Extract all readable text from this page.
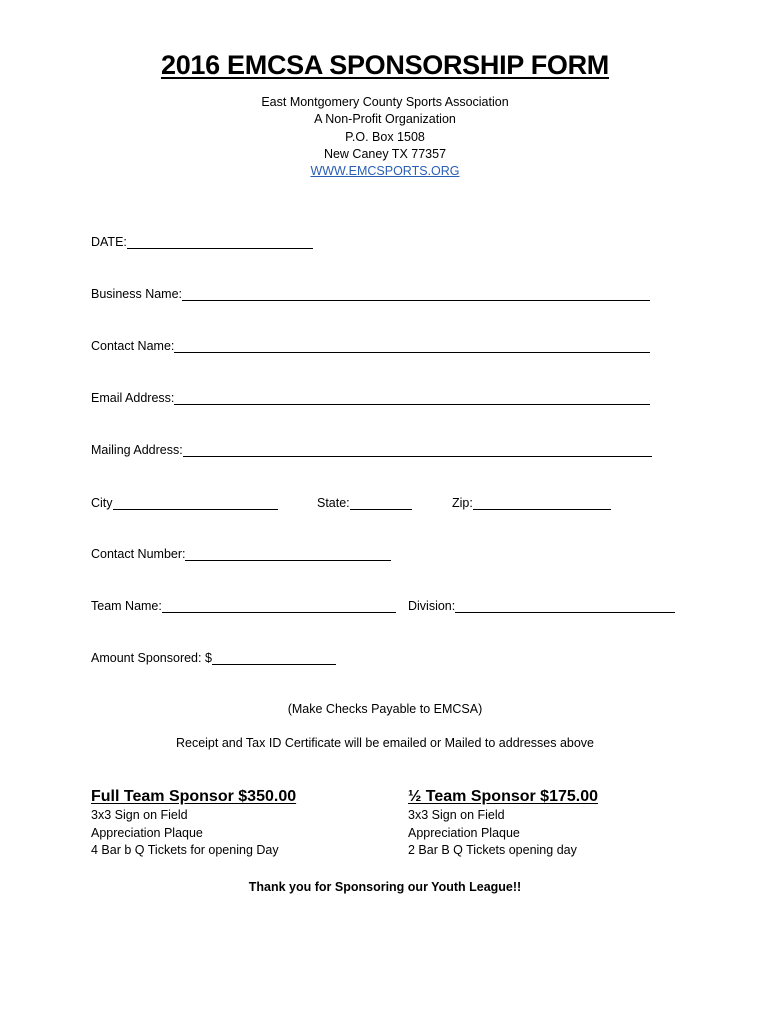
2016 EMCSA SPONSORSHIP FORM
East Montgomery County Sports Association
A Non-Profit Organization
P.O. Box 1508
New Caney TX 77357
WWW.EMCSPORTS.ORG
DATE:
Business Name:
Contact Name:
Email Address:
Mailing Address:
City	State:	Zip:
Contact Number:
Team Name:	Division:
Amount Sponsored: $
(Make Checks Payable to EMCSA)
Receipt and Tax ID Certificate will be emailed or Mailed to addresses above
Full Team Sponsor $350.00
3x3 Sign on Field
Appreciation Plaque
4 Bar b Q Tickets for opening Day
½ Team Sponsor $175.00
3x3 Sign on Field
Appreciation Plaque
2 Bar B Q Tickets opening day
Thank you for Sponsoring our Youth League!!
